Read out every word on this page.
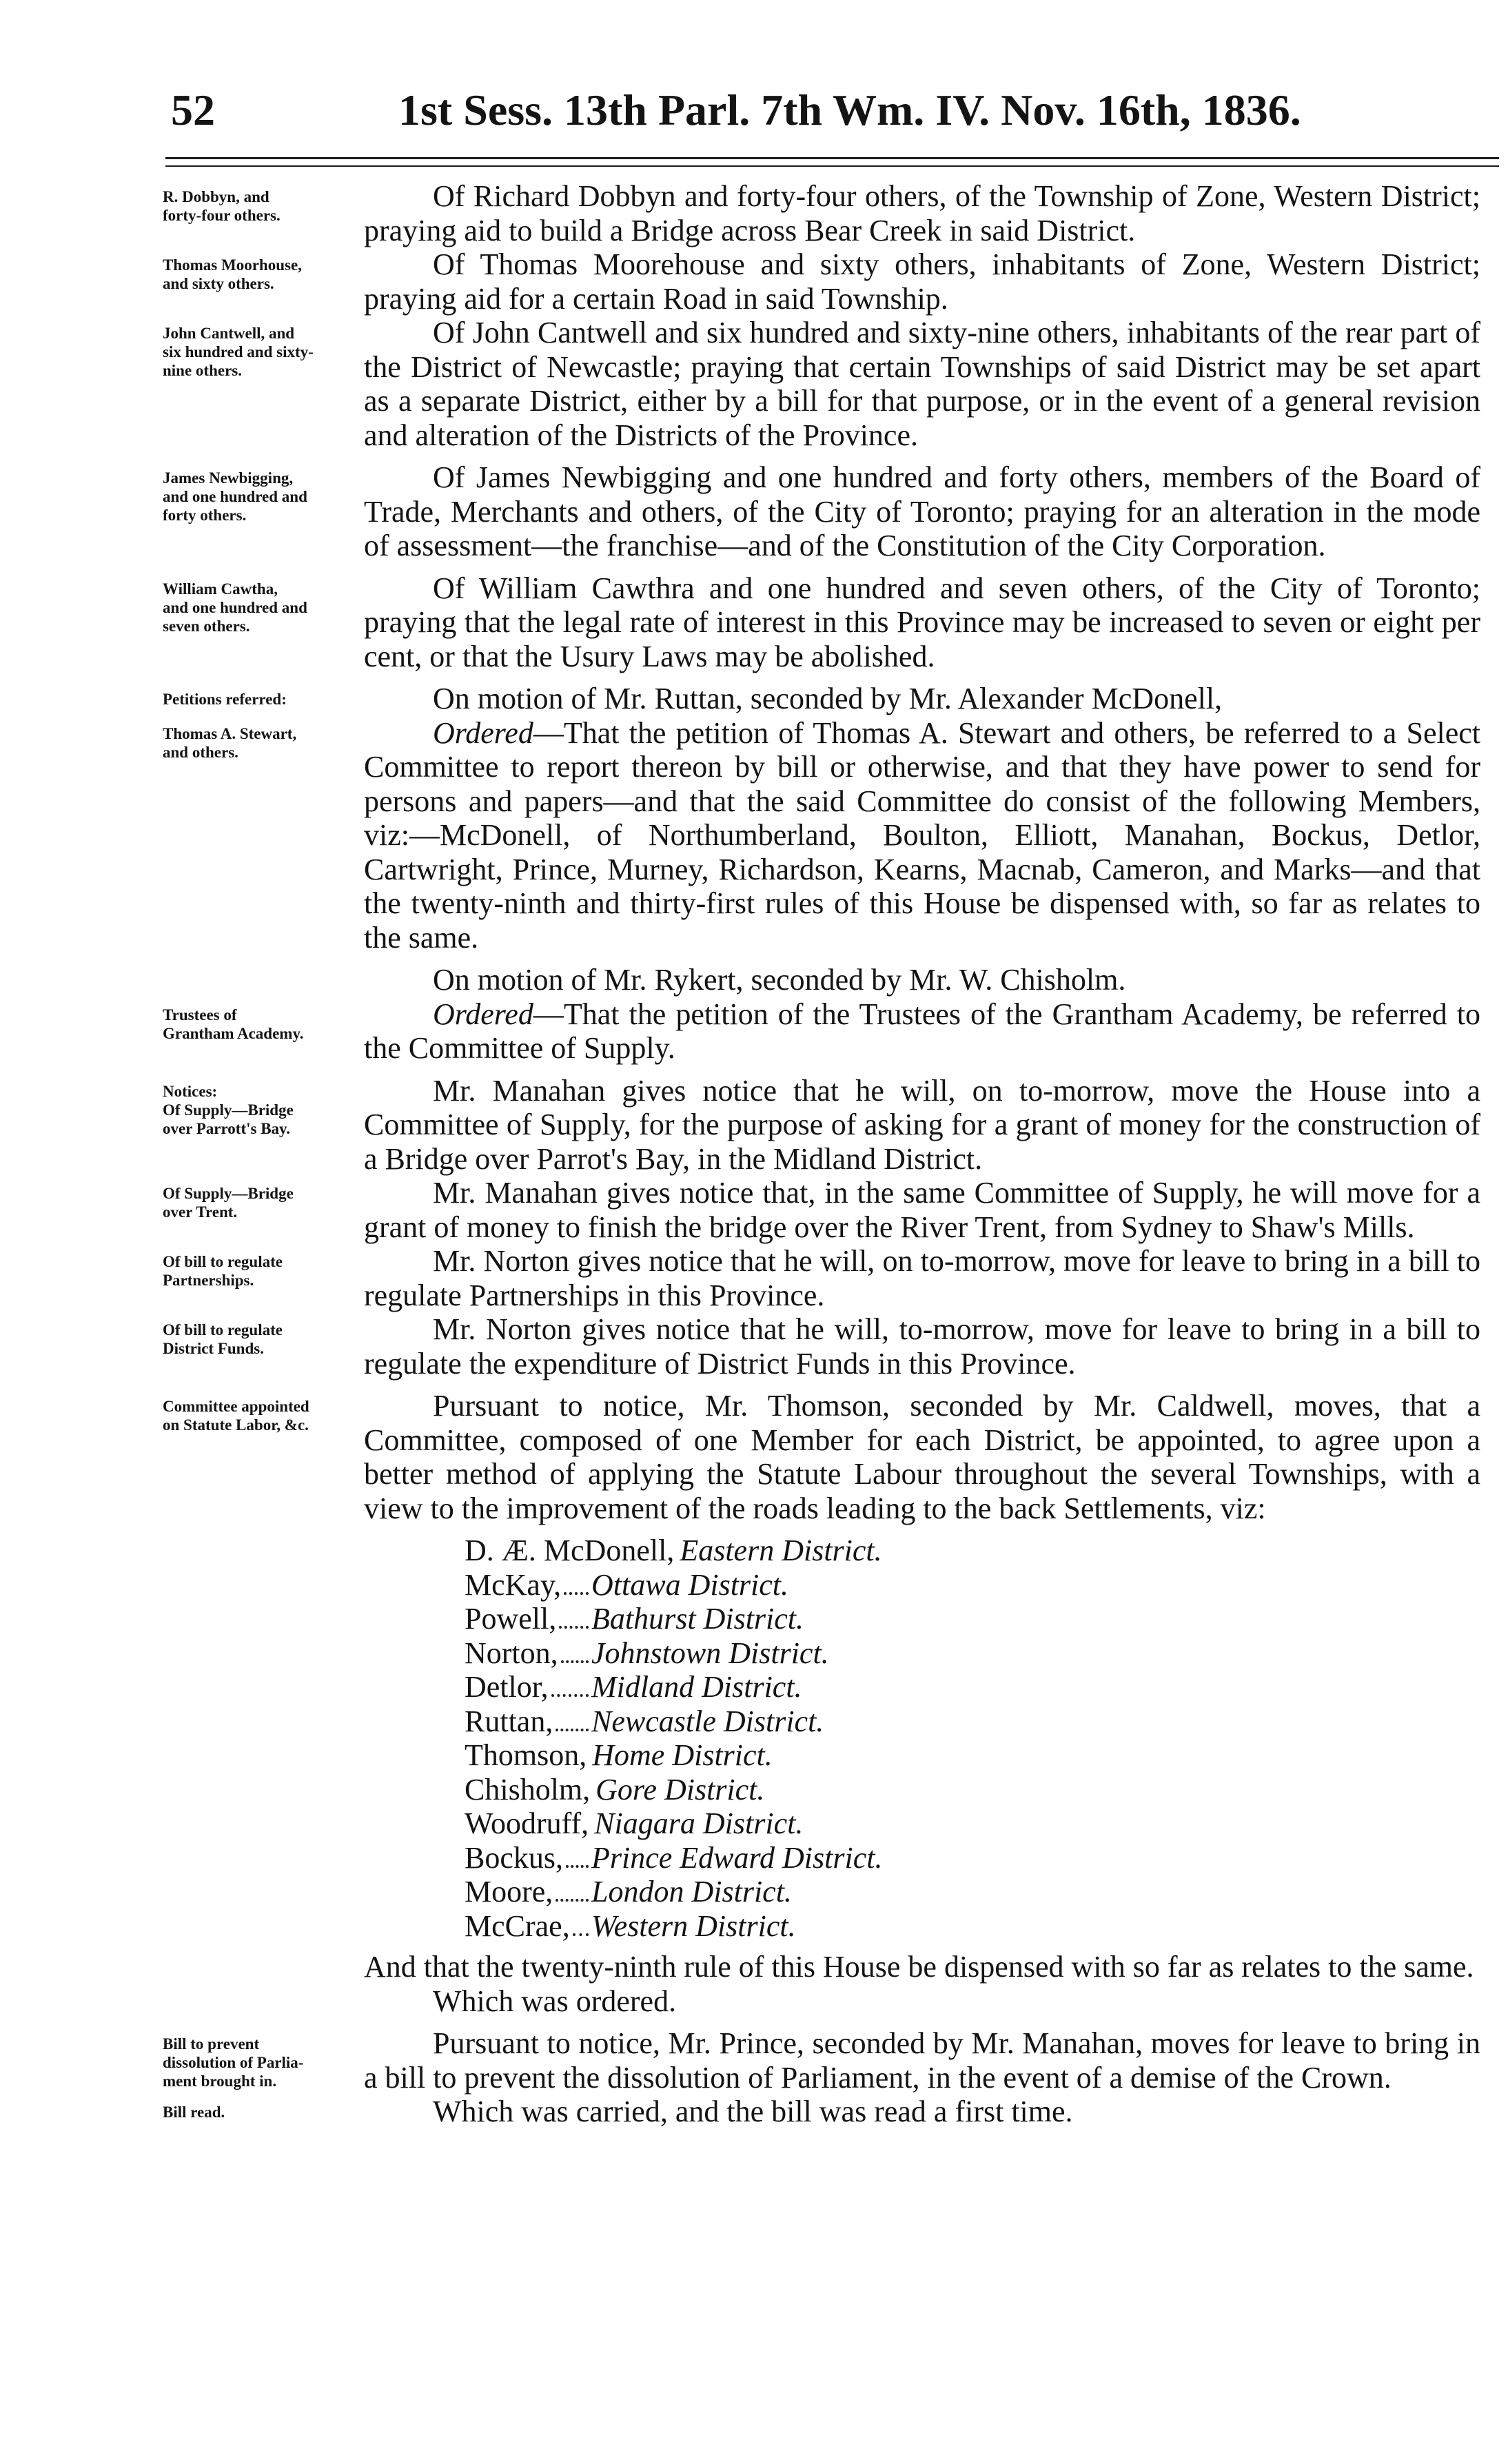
52	1st Sess. 13th Parl. 7th Wm. IV. Nov. 16th, 1836.
R. Dobbyn, and
forty-four others.

Of Richard Dobbyn and forty-four others, of the Township of Zone, Western District; praying aid to build a Bridge across Bear Creek in said District.

Thomas Moorhouse,
and sixty others.

Of Thomas Moorehouse and sixty others, inhabitants of Zone, Western District; praying aid for a certain Road in said Township.

John Cantwell, and
six hundred and sixty-
nine others.

Of John Cantwell and six hundred and sixty-nine others, inhabitants of the rear part of the District of Newcastle; praying that certain Townships of said District may be set apart as a separate District, either by a bill for that purpose, or in the event of a general revision and alteration of the Districts of the Province.

James Newbigging,
and one hundred and
forty others.

Of James Newbigging and one hundred and forty others, members of the Board of Trade, Merchants and others, of the City of Toronto; praying for an alteration in the mode of assessment—the franchise—and of the Constitution of the City Corporation.

William Cawtha,
and one hundred and
seven others.

Of William Cawthra and one hundred and seven others, of the City of Toronto; praying that the legal rate of interest in this Province may be increased to seven or eight per cent, or that the Usury Laws may be abolished.

Petitions referred:	On motion of Mr. Ruttan, seconded by Mr. Alexander McDonell,

Thomas A. Stewart,
and others.

Ordered—That the petition of Thomas A. Stewart and others, be referred to a Select Committee to report thereon by bill or otherwise, and that they have power to send for persons and papers—and that the said Committee do consist of the following Members, viz:—McDonell, of Northumberland, Boulton, Elliott, Manahan, Bockus, Detlor, Cartwright, Prince, Murney, Richardson, Kearns, Macnab, Cameron, and Marks—and that the twenty-ninth and thirty-first rules of this House be dispensed with, so far as relates to the same.

On motion of Mr. Rykert, seconded by Mr. W. Chisholm.

Trustees of
Grantham Academy.

Ordered—That the petition of the Trustees of the Grantham Academy, be referred to the Committee of Supply.

Notices:
Of Supply—Bridge
over Parrott's Bay.

Mr. Manahan gives notice that he will, on to-morrow, move the House into a Committee of Supply, for the purpose of asking for a grant of money for the construction of a Bridge over Parrot's Bay, in the Midland District.

Of Supply—Bridge
over Trent.

Mr. Manahan gives notice that, in the same Committee of Supply, he will move for a grant of money to finish the bridge over the River Trent, from Sydney to Shaw's Mills.

Of bill to regulate
Partnerships.

Mr. Norton gives notice that he will, on to-morrow, move for leave to bring in a bill to regulate Partnerships in this Province.

Of bill to regulate
District Funds.

Mr. Norton gives notice that he will, to-morrow, move for leave to bring in a bill to regulate the expenditure of District Funds in this Province.

Committee appointed
on Statute Labor, &c.

Pursuant to notice, Mr. Thomson, seconded by Mr. Caldwell, moves, that a Committee, composed of one Member for each District, be appointed, to agree upon a better method of applying the Statute Labour throughout the several Townships, with a view to the improvement of the roads leading to the back Settlements, viz:

D. Æ. McDonell, Eastern District.
McKay, Ottawa District.
Powell, Bathurst District.
Norton, Johnstown District.
Detlor, Midland District.
Ruttan, Newcastle District.
Thomson, Home District.
Chisholm, Gore District.
Woodruff, Niagara District.
Bockus, Prince Edward District.
Moore, London District.
McCrae, Western District.

And that the twenty-ninth rule of this House be dispensed with so far as relates to the same.

Which was ordered.

Bill to prevent
dissolution of Parlia-
ment brought in.

Pursuant to notice, Mr. Prince, seconded by Mr. Manahan, moves for leave to bring in a bill to prevent the dissolution of Parliament, in the event of a demise of the Crown.

Bill read.	Which was carried, and the bill was read a first time.
